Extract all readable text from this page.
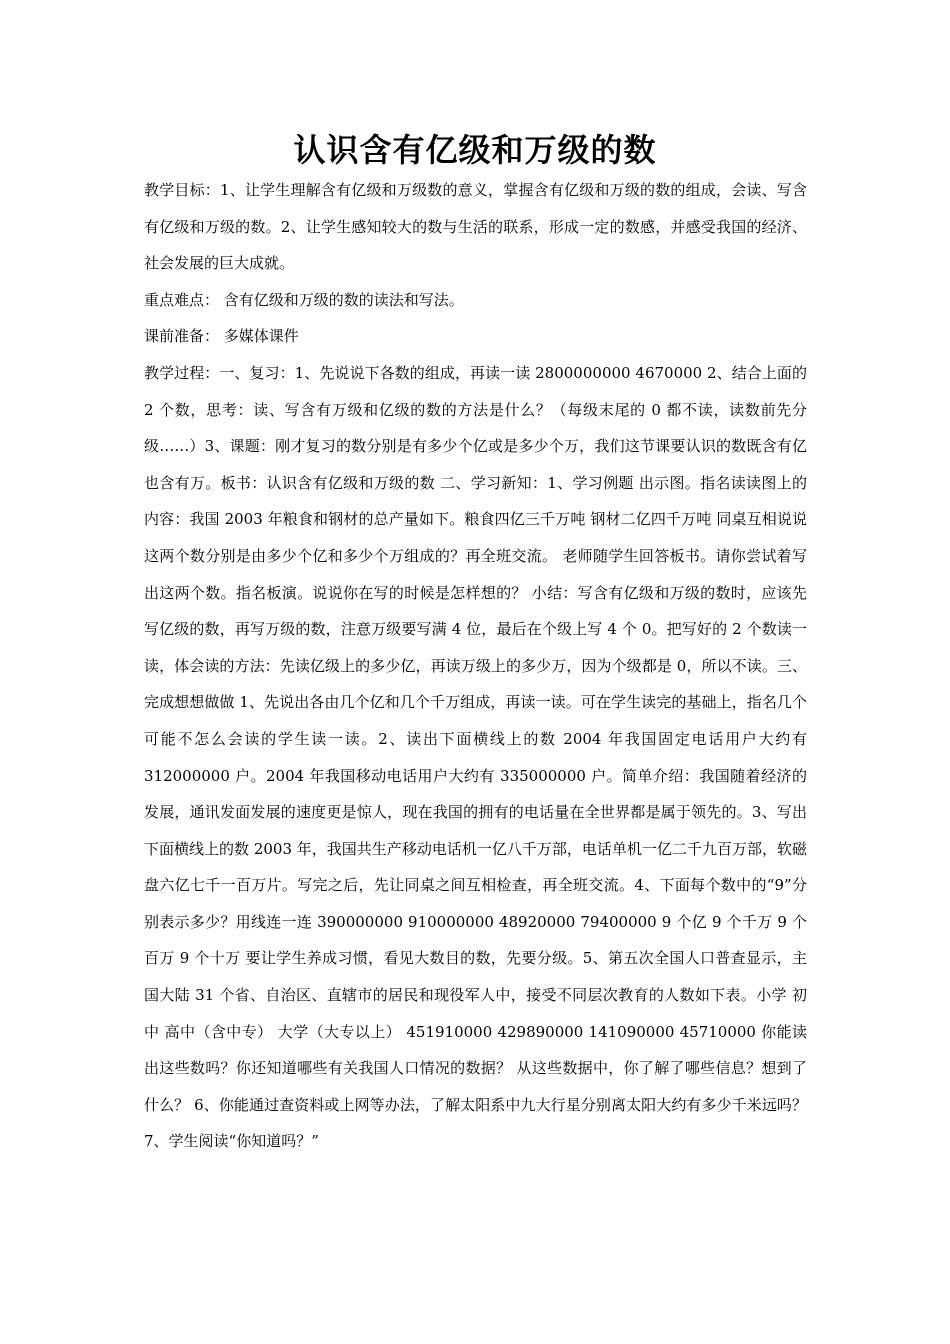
认识含有亿级和万级的数

教学目标：1、让学生理解含有亿级和万级数的意义，掌握含有亿级和万级的数的组成，会读、写含有亿级和万级的数。2、让学生感知较大的数与生活的联系，形成一定的数感，并感受我国的经济、社会发展的巨大成就。

重点难点： 含有亿级和万级的数的读法和写法。

课前准备： 多媒体课件

教学过程：一、复习：1、先说说下各数的组成，再读一读 2800000000 4670000 2、结合上面的 2 个数，思考：读、写含有万级和亿级的数的方法是什么？（每级末尾的 0 都不读，读数前先分级……）3、课题：刚才复习的数分别是有多少个亿或是多少个万，我们这节课要认识的数既含有亿也含有万。板书：认识含有亿级和万级的数 二、学习新知：1、学习例题 出示图。指名读读图上的内容：我国 2003 年粮食和钢材的总产量如下。粮食四亿三千万吨 钢材二亿四千万吨 同桌互相说说这两个数分别是由多少个亿和多少个万组成的？再全班交流。 老师随学生回答板书。请你尝试着写出这两个数。指名板演。说说你在写的时候是怎样想的？ 小结：写含有亿级和万级的数时，应该先写亿级的数，再写万级的数，注意万级要写满 4 位，最后在个级上写 4 个 0。把写好的 2 个数读一读，体会读的方法：先读亿级上的多少亿，再读万级上的多少万，因为个级都是 0，所以不读。三、完成想想做做 1、先说出各由几个亿和几个千万组成，再读一读。可在学生读完的基础上，指名几个可能不怎么会读的学生读一读。2、读出下面横线上的数 2004 年我国固定电话用户大约有 312000000 户。2004 年我国移动电话用户大约有 335000000 户。简单介绍：我国随着经济的发展，通讯发面发展的速度更是惊人，现在我国的拥有的电话量在全世界都是属于领先的。3、写出下面横线上的数 2003 年，我国共生产移动电话机一亿八千万部，电话单机一亿二千九百万部，软磁盘六亿七千一百万片。写完之后，先让同桌之间互相检查，再全班交流。4、下面每个数中的“9”分别表示多少？用线连一连 390000000 910000000 48920000 79400000 9 个亿 9 个千万 9 个百万 9 个十万 要让学生养成习惯，看见大数目的数，先要分级。5、第五次全国人口普查显示，主国大陆 31 个省、自治区、直辖市的居民和现役军人中，接受不同层次教育的人数如下表。小学 初中 高中（含中专） 大学（大专以上） 451910000 429890000 141090000 45710000 你能读出这些数吗？你还知道哪些有关我国人口情况的数据？ 从这些数据中，你了解了哪些信息？想到了什么？ 6、你能通过查资料或上网等办法，了解太阳系中九大行星分别离太阳大约有多少千米远吗？ 7、学生阅读“你知道吗？”
